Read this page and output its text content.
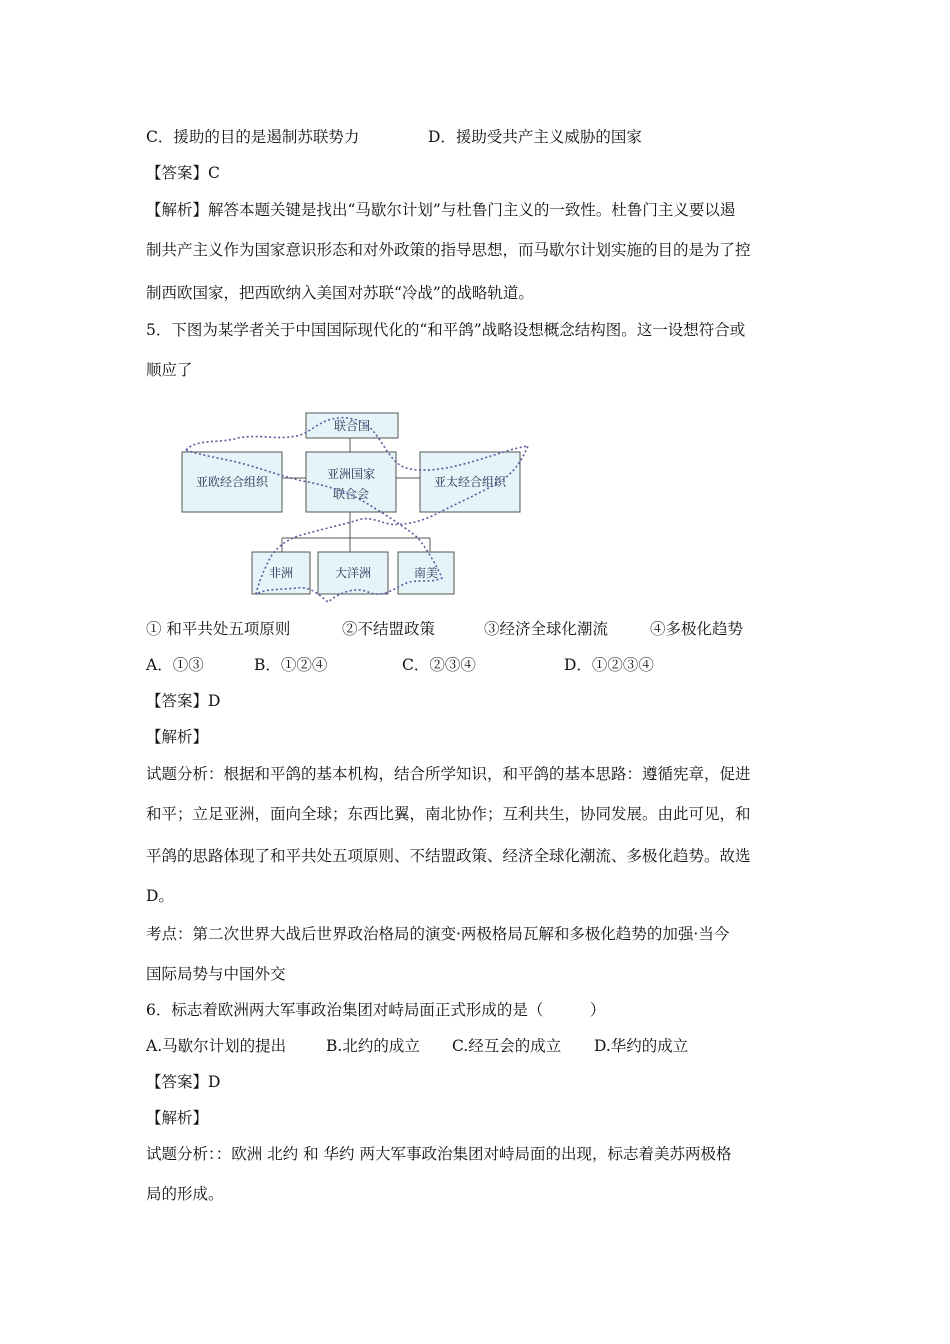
C．援助的目的是遏制苏联势力	D．援助受共产主义威胁的国家
【答案】C
【解析】解答本题关键是找出“马歇尔计划”与杜鲁门主义的一致性。杜鲁门主义要以遏
制共产主义作为国家意识形态和对外政策的指导思想，而马歇尔计划实施的目的是为了控
制西欧国家，把西欧纳入美国对苏联“冷战”的战略轨道。
5．下图为某学者关于中国国际现代化的“和平鸽”战略设想概念结构图。这一设想符合或
顺应了
联合国
亚欧经合组织
亚洲国家
联合会
亚太经合组织
非洲	大洋洲	南美
① 和平共处五项原则	②不结盟政策	③经济全球化潮流	④多极化趋势
A．①③	B．①②④	C．②③④	D．①②③④
【答案】D
【解析】
试题分析：根据和平鸽的基本机构，结合所学知识，和平鸽的基本思路：遵循宪章，促进
和平；立足亚洲，面向全球；东西比翼，南北协作；互利共生，协同发展。由此可见，和
平鸽的思路体现了和平共处五项原则、不结盟政策、经济全球化潮流、多极化趋势。故选
D。
考点：第二次世界大战后世界政治格局的演变·两极格局瓦解和多极化趋势的加强·当今
国际局势与中国外交
6．标志着欧洲两大军事政治集团对峙局面正式形成的是（　　　）
A.马歇尔计划的提出	B.北约的成立 C.经互会的成立 D.华约的成立
【答案】D
【解析】
试题分析：：欧洲 北约 和 华约 两大军事政治集团对峙局面的出现，标志着美苏两极格
局的形成。
